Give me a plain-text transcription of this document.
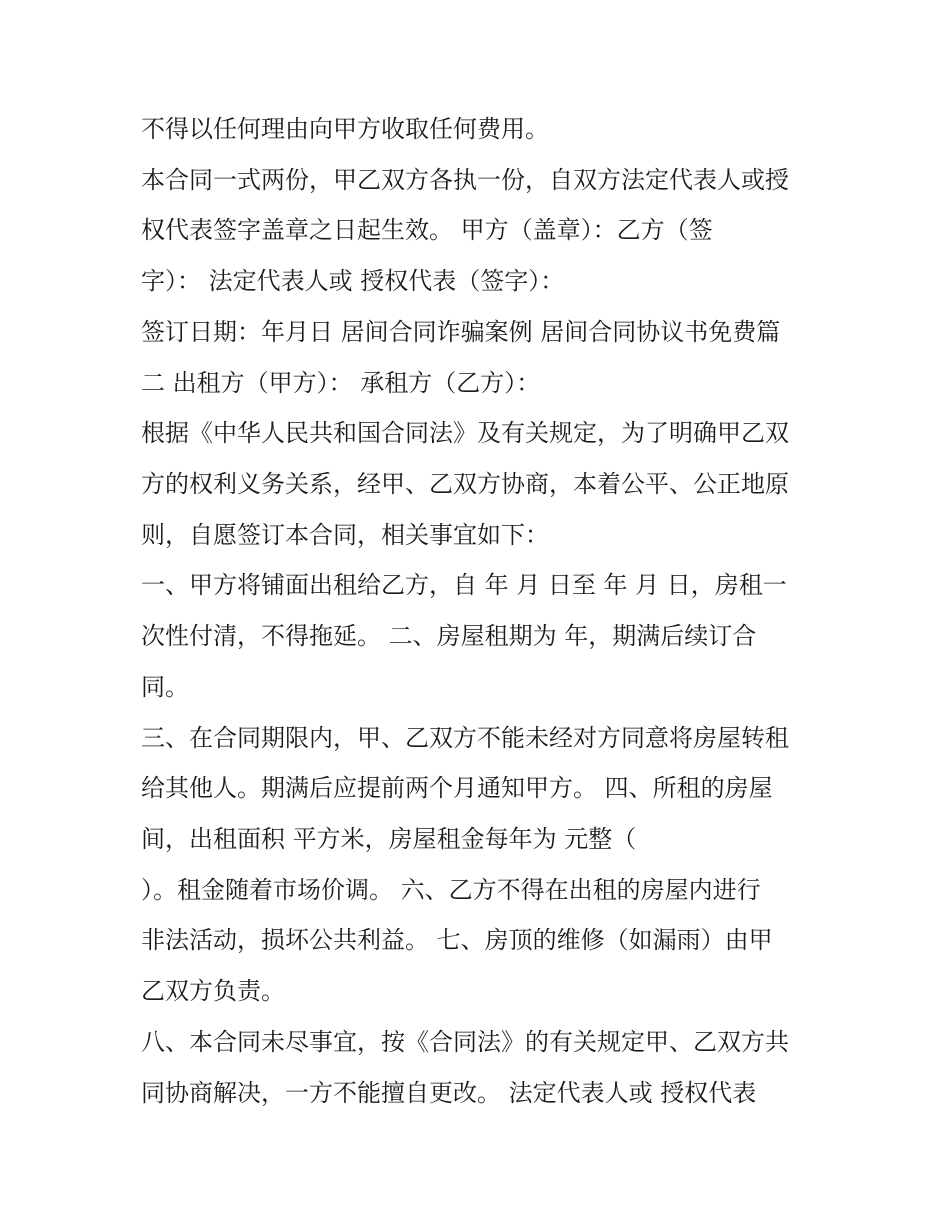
不得以任何理由向甲方收取任何费用。
本合同一式两份，甲乙双方各执一份，自双方法定代表人或授
权代表签字盖章之日起生效。 甲方（盖章）：乙方（签
字）： 法定代表人或 授权代表（签字）：
签订日期：年月日 居间合同诈骗案例 居间合同协议书免费篇
二 出租方（甲方）： 承租方（乙方）：
根据《中华人民共和国合同法》及有关规定，为了明确甲乙双
方的权利义务关系，经甲、乙双方协商，本着公平、公正地原
则，自愿签订本合同，相关事宜如下：
一、甲方将铺面出租给乙方，自 年 月 日至 年 月 日，房租一
次性付清，不得拖延。 二、房屋租期为 年，期满后续订合
同。
三、在合同期限内，甲、乙双方不能未经对方同意将房屋转租
给其他人。期满后应提前两个月通知甲方。 四、所租的房屋
间，出租面积 平方米，房屋租金每年为 元整（
）。租金随着市场价调。 六、乙方不得在出租的房屋内进行
非法活动，损坏公共利益。 七、房顶的维修（如漏雨）由甲
乙双方负责。
八、本合同未尽事宜，按《合同法》的有关规定甲、乙双方共
同协商解决，一方不能擅自更改。 法定代表人或 授权代表
